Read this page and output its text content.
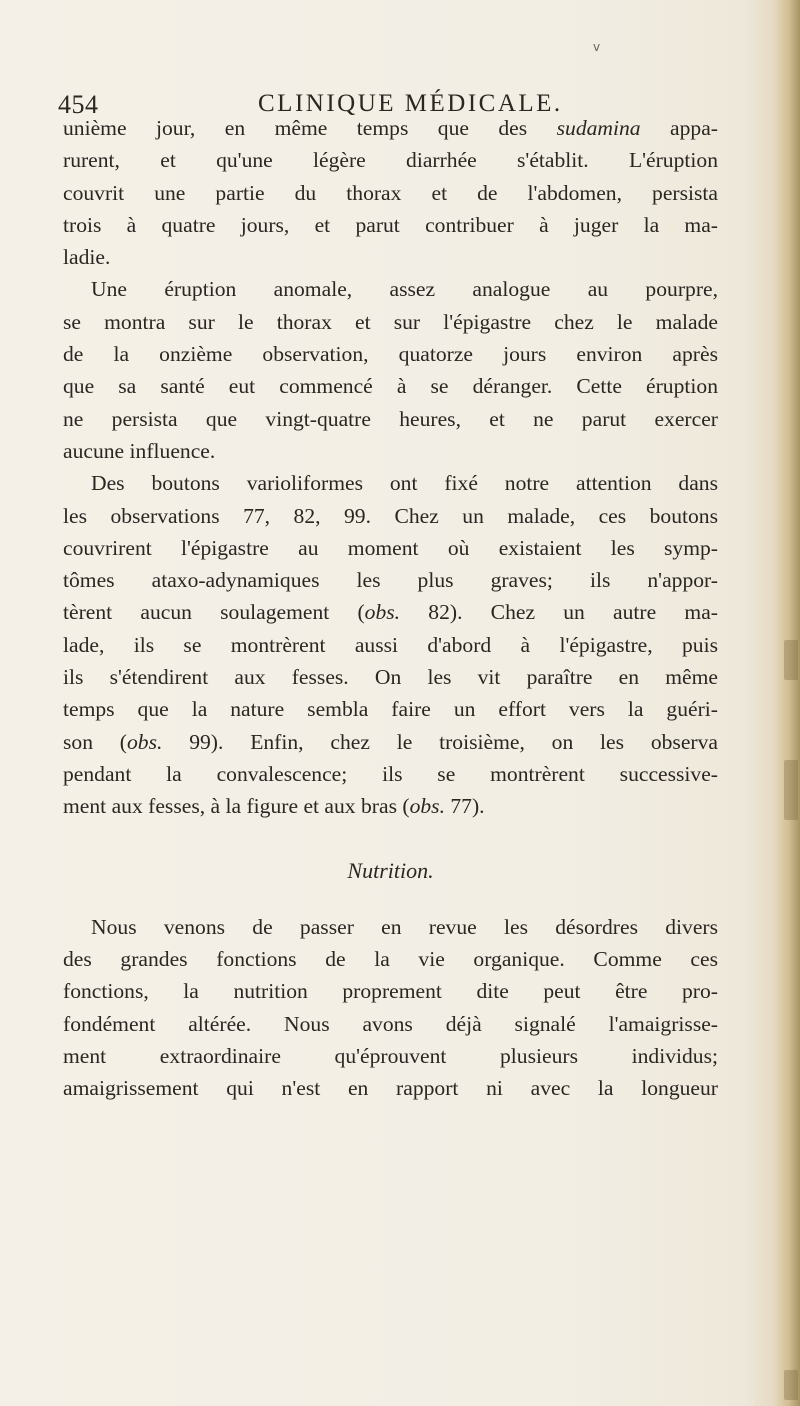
v
454	CLINIQUE MÉDICALE.

unième jour, en même temps que des sudamina appa-
rurent, et qu'une légère diarrhée s'établit. L'éruption
couvrit une partie du thorax et de l'abdomen, persista
trois à quatre jours, et parut contribuer à juger la ma-
ladie.

Une éruption anomale, assez analogue au pourpre,
se montra sur le thorax et sur l'épigastre chez le malade
de la onzième observation, quatorze jours environ après
que sa santé eut commencé à se déranger. Cette éruption
ne persista que vingt-quatre heures, et ne parut exercer
aucune influence.

Des boutons varioliformes ont fixé notre attention dans
les observations 77, 82, 99. Chez un malade, ces boutons
couvrirent l'épigastre au moment où existaient les symp-
tômes ataxo-adynamiques les plus graves; ils n'appor-
tèrent aucun soulagement (obs. 82). Chez un autre ma-
lade, ils se montrèrent aussi d'abord à l'épigastre, puis
ils s'étendirent aux fesses. On les vit paraître en même
temps que la nature sembla faire un effort vers la guéri-
son (obs. 99). Enfin, chez le troisième, on les observa
pendant la convalescence; ils se montrèrent successive-
ment aux fesses, à la figure et aux bras (obs. 77).

Nutrition.

Nous venons de passer en revue les désordres divers
des grandes fonctions de la vie organique. Comme ces
fonctions, la nutrition proprement dite peut être pro-
fondément altérée. Nous avons déjà signalé l'amaigrisse-
ment extraordinaire qu'éprouvent plusieurs individus;
amaigrissement qui n'est en rapport ni avec la longueur
